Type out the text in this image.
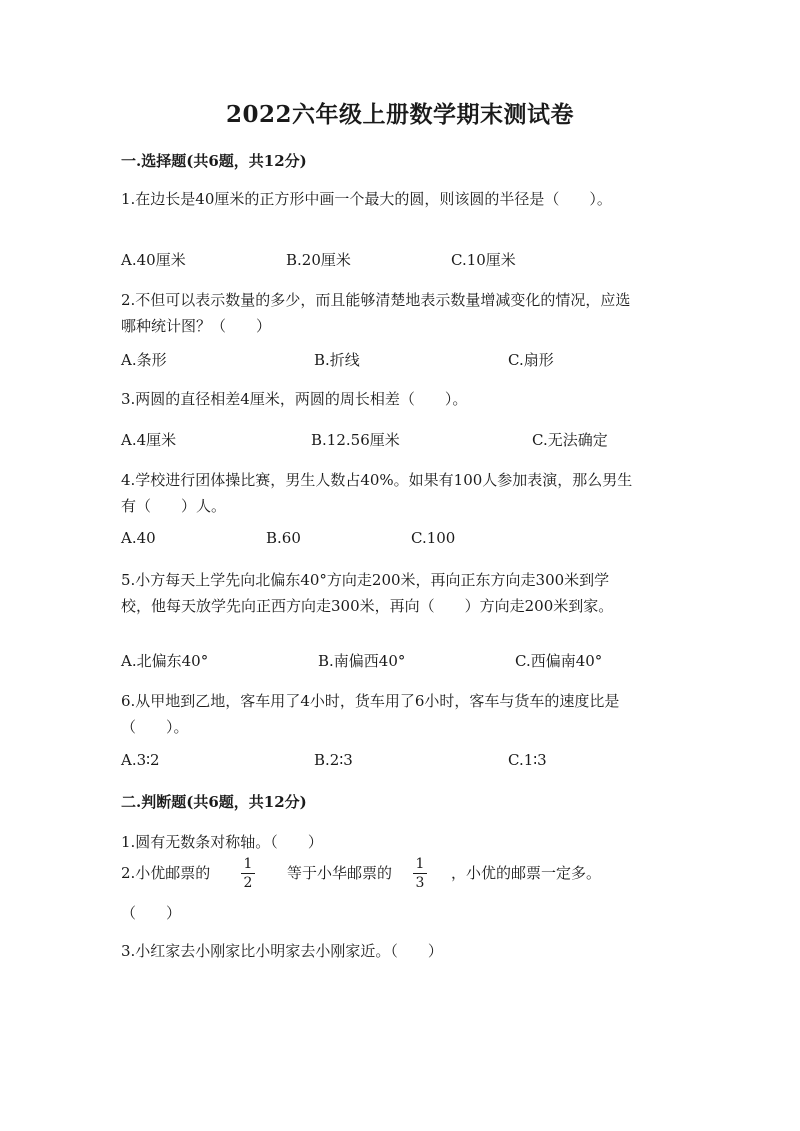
2022六年级上册数学期末测试卷
一.选择题(共6题，共12分)
1.在边长是40厘米的正方形中画一个最大的圆，则该圆的半径是（　　）。
A.40厘米	B.20厘米	C.10厘米
2.不但可以表示数量的多少，而且能够清楚地表示数量增减变化的情况，应选
哪种统计图？（　　）
A.条形	B.折线	C.扇形
3.两圆的直径相差4厘米，两圆的周长相差（　　）。
A.4厘米	B.12.56厘米	C.无法确定
4.学校进行团体操比赛，男生人数占40%。如果有100人参加表演，那么男生
有（　　）人。
A.40	B.60	C.100
5.小方每天上学先向北偏东40°方向走200米，再向正东方向走300米到学
校，他每天放学先向正西方向走300米，再向（　　）方向走200米到家。
A.北偏东40°	B.南偏西40°	C.西偏南40°
6.从甲地到乙地，客车用了4小时，货车用了6小时，客车与货车的速度比是
（　　）。
A.3∶2	B.2∶3	C.1∶3
二.判断题(共6题，共12分)
1.圆有无数条对称轴。（　　）
2.小优邮票的 $\frac{1}{2}$ 等于小华邮票的 $\frac{1}{3}$ ，小优的邮票一定多。
（　　）
3.小红家去小刚家比小明家去小刚家近。（　　）
